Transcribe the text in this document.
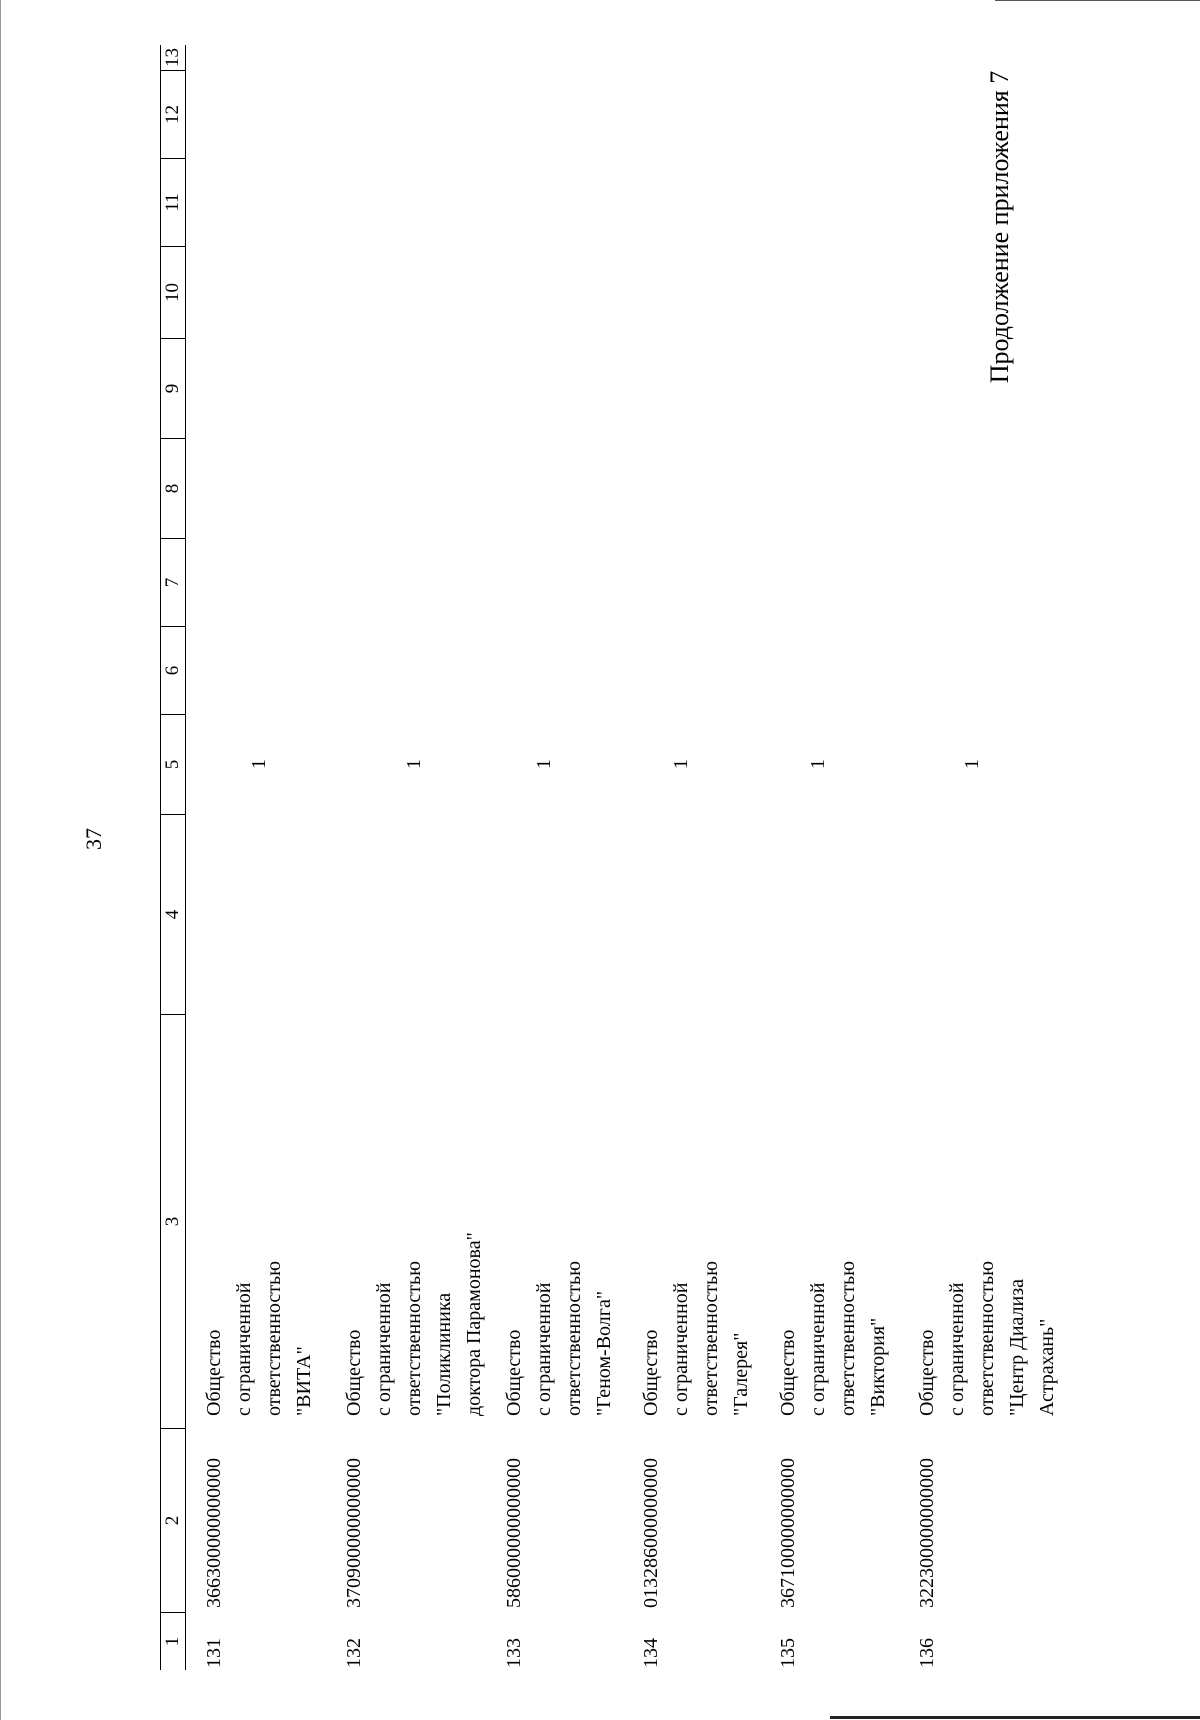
37
Продолжение приложения 7
1
2
3
4
5
6
7
8
9
10
11
12
13
131
366300000000000
Общество с ограниченной ответственностью "ВИТА"
1
132
370900000000000
Общество с ограниченной ответственностью "Поликлиника доктора Парамонова"
1
133
586000000000000
Общество с ограниченной ответственностью "Геном-Волга"
1
134
013286000000000
Общество с ограниченной ответственностью "Галерея"
1
135
367100000000000
Общество с ограниченной ответственностью "Виктория"
1
136
322300000000000
Общество с ограниченной ответственностью "Центр Диализа Астрахань"
1
